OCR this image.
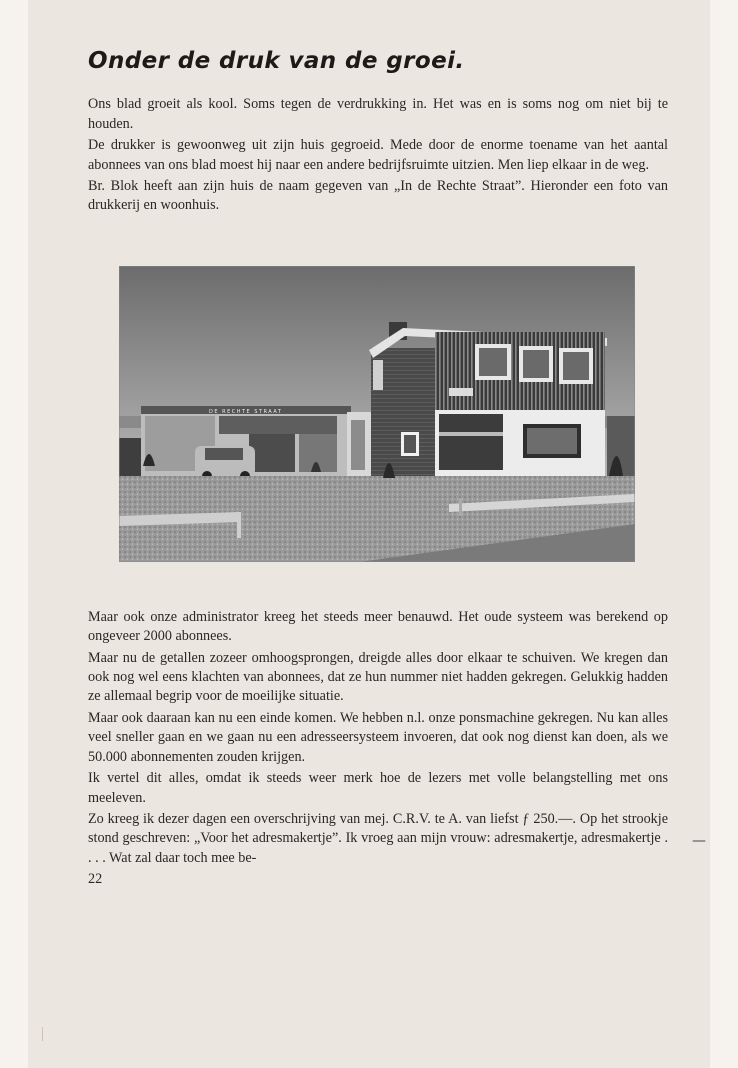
—
Onder de druk van de groei.

Ons blad groeit als kool. Soms tegen de verdrukking in. Het was en is soms nog om niet bij te houden.

De drukker is gewoonweg uit zijn huis gegroeid. Mede door de enorme toename van het aantal abonnees van ons blad moest hij naar een andere bedrijfsruimte uitzien. Men liep elkaar in de weg.

Br. Blok heeft aan zijn huis de naam gegeven van „In de Rechte Straat”. Hieronder een foto van drukkerij en woonhuis.

DE RECHTE STRAAT

Maar ook onze administrator kreeg het steeds meer benauwd. Het oude systeem was berekend op ongeveer 2000 abonnees.

Maar nu de getallen zozeer omhoogsprongen, dreigde alles door elkaar te schuiven. We kregen dan ook nog wel eens klachten van abonnees, dat ze hun nummer niet hadden gekregen. Gelukkig hadden ze allemaal begrip voor de moeilijke situatie.

Maar ook daaraan kan nu een einde komen. We hebben n.l. onze ponsmachine gekregen. Nu kan alles veel sneller gaan en we gaan nu een adresseersysteem invoeren, dat ook nog dienst kan doen, als we 50.000 abonnementen zouden krijgen.

Ik vertel dit alles, omdat ik steeds weer merk hoe de lezers met volle belangstelling met ons meeleven.

Zo kreeg ik dezer dagen een overschrijving van mej. C.R.V. te A. van liefst ƒ 250.—. Op het strookje stond geschreven: „Voor het adresmakertje”. Ik vroeg aan mijn vrouw: adresmakertje, adresmakertje . . . . Wat zal daar toch mee be-

22
